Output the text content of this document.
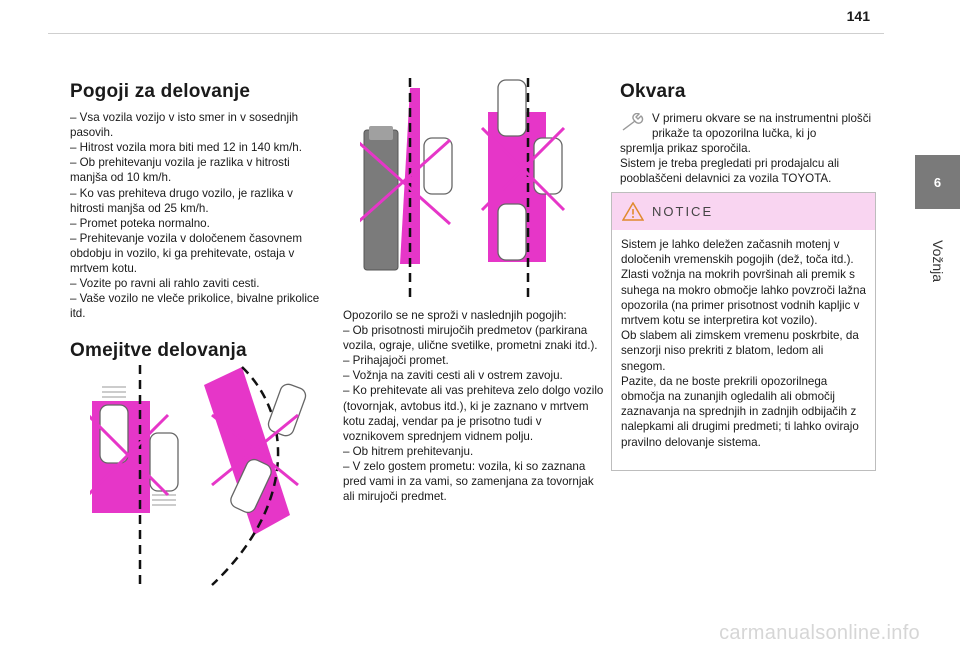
141
6
Vožnja
Pogoji za delovanje

– Vsa vozila vozijo v isto smer in v sosednjih pasovih.

– Hitrost vozila mora biti med 12 in 140 km/h.

– Ob prehitevanju vozila je razlika v hitrosti manjša od 10 km/h.

– Ko vas prehiteva drugo vozilo, je razlika v hitrosti manjša od 25 km/h.

– Promet poteka normalno.

– Prehitevanje vozila v določenem časovnem obdobju in vozilo, ki ga prehitevate, ostaja v mrtvem kotu.

– Vozite po ravni ali rahlo zaviti cesti.

– Vaše vozilo ne vleče prikolice, bivalne prikolice itd.

Omejitve delovanja

Opozorilo se ne sproži v naslednjih pogojih:

– Ob prisotnosti mirujočih predmetov (parkirana vozila, ograje, ulične svetilke, prometni znaki itd.).

– Prihajajoči promet.

– Vožnja na zaviti cesti ali v ostrem zavoju.

– Ko prehitevate ali vas prehiteva zelo dolgo vozilo (tovornjak, avtobus itd.), ki je zaznano v mrtvem kotu zadaj, vendar pa je prisotno tudi v voznikovem sprednjem vidnem polju.

– Ob hitrem prehitevanju.

– V zelo gostem prometu: vozila, ki so zaznana pred vami in za vami, so zamenjana za tovornjak ali mirujoči predmet.

Okvara

V primeru okvare se na instrumentni plošči prikaže ta opozorilna lučka, ki jo

spremlja prikaz sporočila.

Sistem je treba pregledati pri prodajalcu ali pooblaščeni delavnici za vozila TOYOTA.

NOTICE

Sistem je lahko deležen začasnih motenj v določenih vremenskih pogojih (dež, toča itd.). Zlasti vožnja na mokrih površinah ali premik s suhega na mokro območje lahko povzroči lažna opozorila (na primer prisotnost vodnih kapljic v mrtvem kotu se interpretira kot vozilo).

Ob slabem ali zimskem vremenu poskrbite, da senzorji niso prekriti z blatom, ledom ali snegom.

Pazite, da ne boste prekrili opozorilnega območja na zunanjih ogledalih ali območij zaznavanja na sprednjih in zadnjih odbijačih z nalepkami ali drugimi predmeti; ti lahko ovirajo pravilno delovanje sistema.

carmanualsonline.info
